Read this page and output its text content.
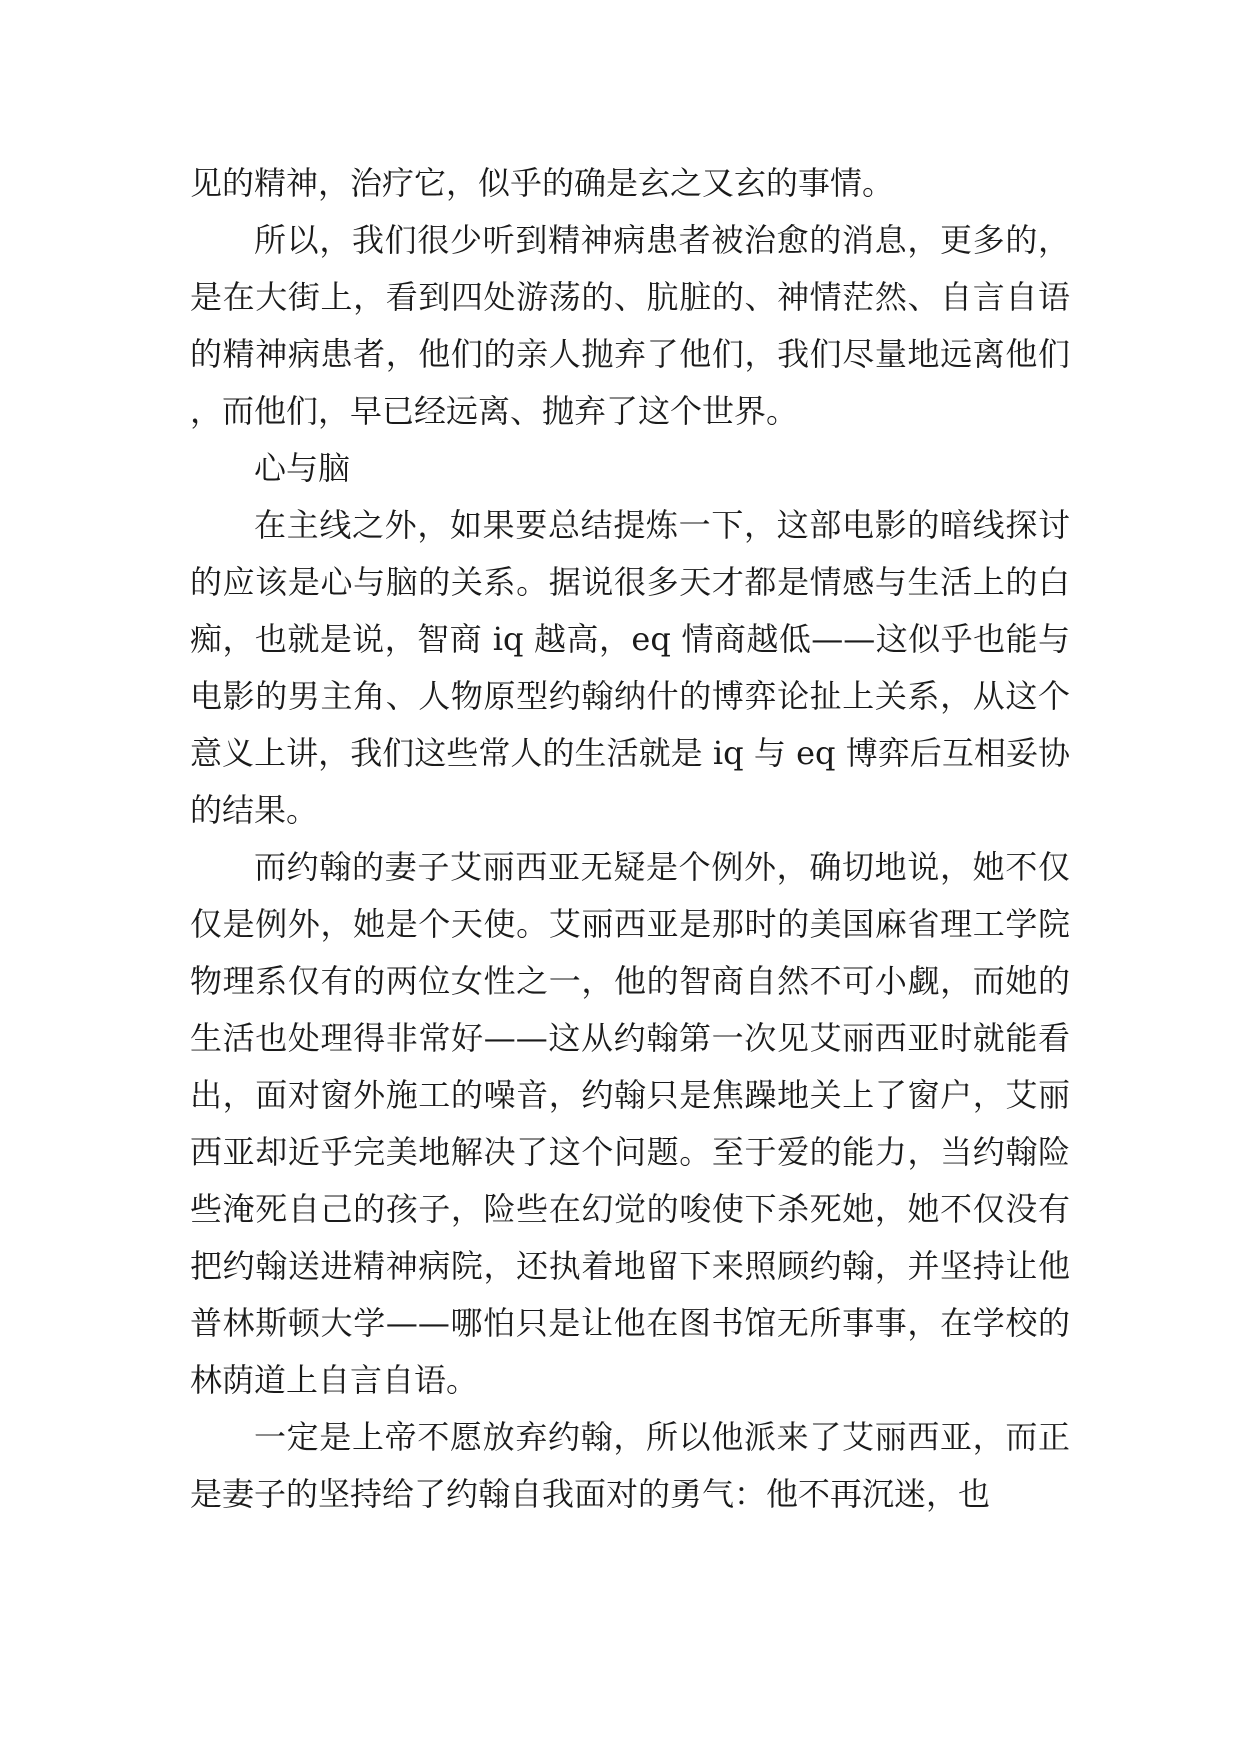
见的精神，治疗它，似乎的确是玄之又玄的事情。

所以，我们很少听到精神病患者被治愈的消息，更多的，是在大街上，看到四处游荡的、肮脏的、神情茫然、自言自语的精神病患者，他们的亲人抛弃了他们，我们尽量地远离他们，而他们，早已经远离、抛弃了这个世界。

心与脑

在主线之外，如果要总结提炼一下，这部电影的暗线探讨的应该是心与脑的关系。据说很多天才都是情感与生活上的白痴，也就是说，智商 iq 越高，eq 情商越低——这似乎也能与电影的男主角、人物原型约翰纳什的博弈论扯上关系，从这个意义上讲，我们这些常人的生活就是 iq 与 eq 博弈后互相妥协的结果。

而约翰的妻子艾丽西亚无疑是个例外，确切地说，她不仅仅是例外，她是个天使。艾丽西亚是那时的美国麻省理工学院物理系仅有的两位女性之一，他的智商自然不可小觑，而她的生活也处理得非常好——这从约翰第一次见艾丽西亚时就能看出，面对窗外施工的噪音，约翰只是焦躁地关上了窗户，艾丽西亚却近乎完美地解决了这个问题。至于爱的能力，当约翰险些淹死自己的孩子，险些在幻觉的唆使下杀死她，她不仅没有把约翰送进精神病院，还执着地留下来照顾约翰，并坚持让他普林斯顿大学——哪怕只是让他在图书馆无所事事，在学校的林荫道上自言自语。

一定是上帝不愿放弃约翰，所以他派来了艾丽西亚，而正是妻子的坚持给了约翰自我面对的勇气：他不再沉迷，也
